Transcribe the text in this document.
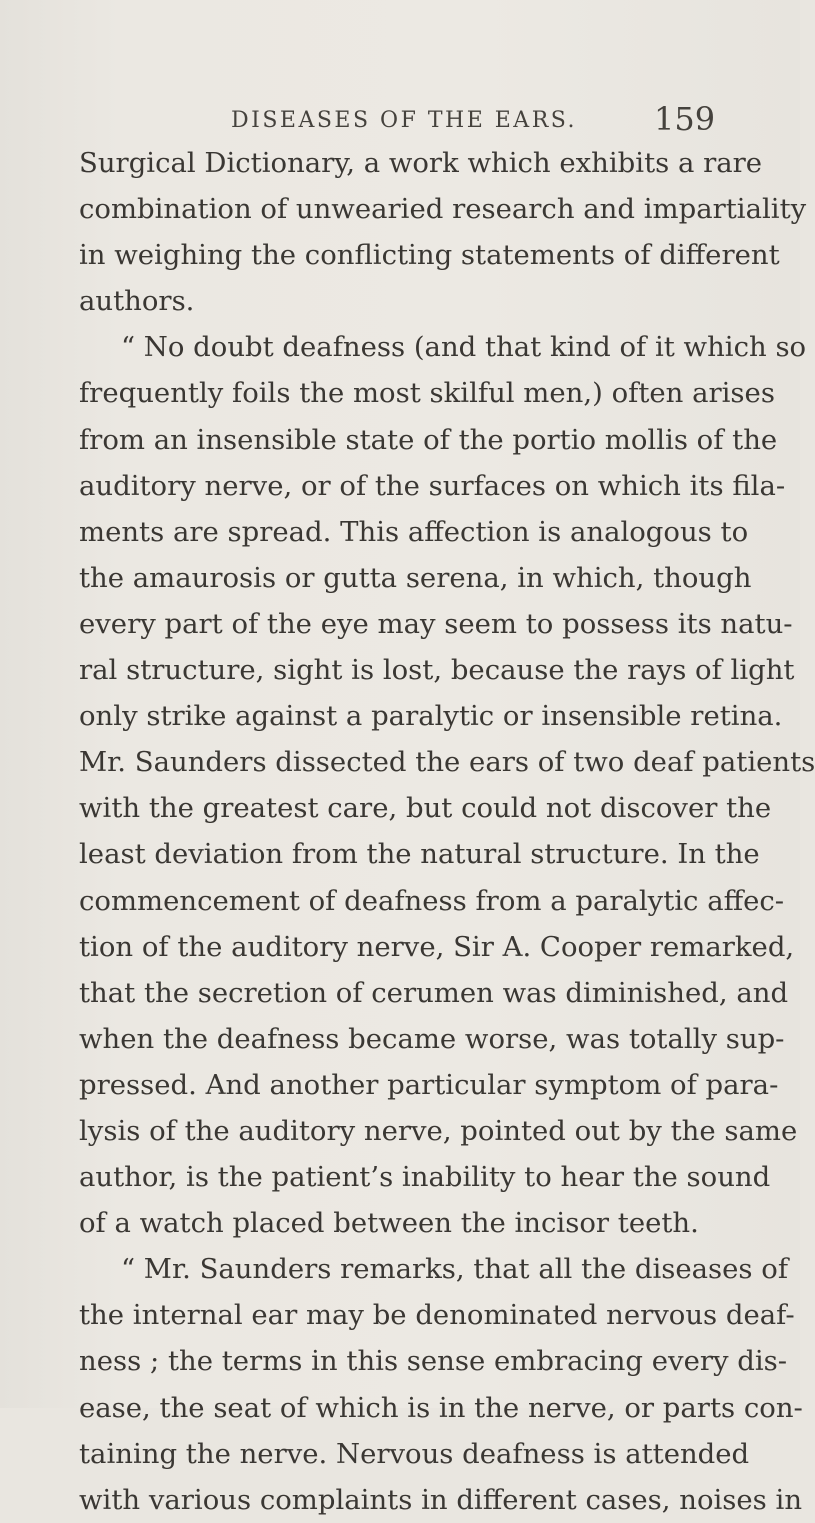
DISEASES OF THE EARS. 159
Surgical Dictionary, a work which exhibits a rare
combination of unwearied research and impartiality
in weighing the conflicting statements of different
authors.
“ No doubt deafness (and that kind of it which so
frequently foils the most skilful men,) often arises
from an insensible state of the portio mollis of the
auditory nerve, or of the surfaces on which its fila-
ments are spread. This affection is analogous to
the amaurosis or gutta serena, in which, though
every part of the eye may seem to possess its natu-
ral structure, sight is lost, because the rays of light
only strike against a paralytic or insensible retina.
Mr. Saunders dissected the ears of two deaf patients
with the greatest care, but could not discover the
least deviation from the natural structure. In the
commencement of deafness from a paralytic affec-
tion of the auditory nerve, Sir A. Cooper remarked,
that the secretion of cerumen was diminished, and
when the deafness became worse, was totally sup-
pressed. And another particular symptom of para-
lysis of the auditory nerve, pointed out by the same
author, is the patient’s inability to hear the sound
of a watch placed between the incisor teeth.
“ Mr. Saunders remarks, that all the diseases of
the internal ear may be denominated nervous deaf-
ness ; the terms in this sense embracing every dis-
ease, the seat of which is in the nerve, or parts con-
taining the nerve. Nervous deafness is attended
with various complaints in different cases, noises in
